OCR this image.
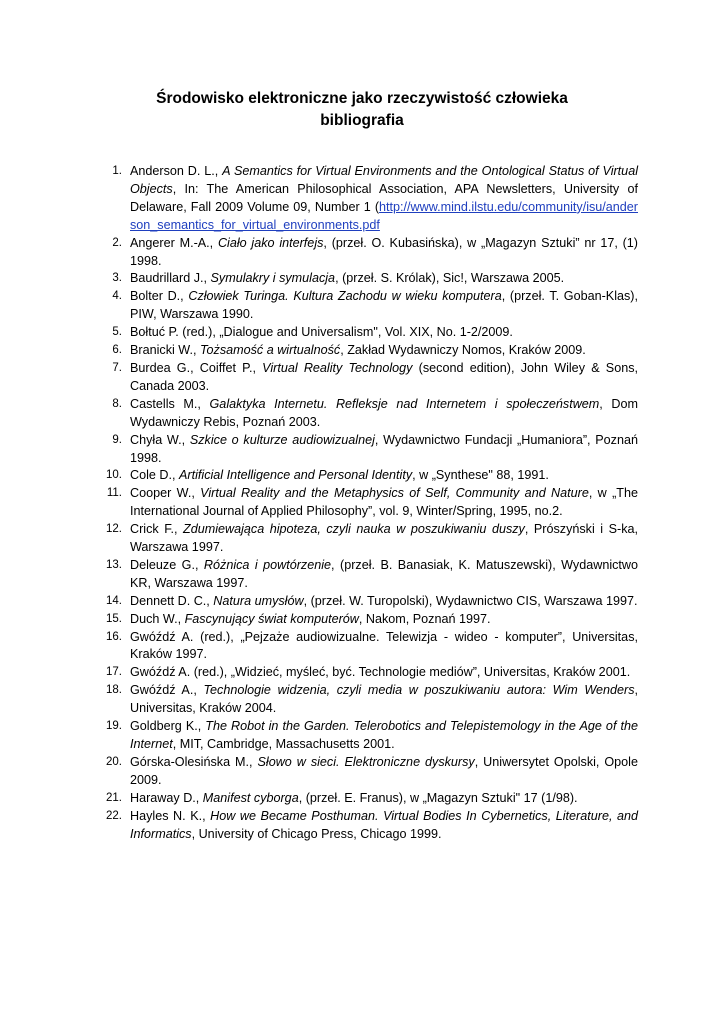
Środowisko elektroniczne jako rzeczywistość człowieka
bibliografia
1. Anderson D. L., A Semantics for Virtual Environments and the Ontological Status of Virtual Objects, In: The American Philosophical Association, APA Newsletters, University of Delaware, Fall 2009 Volume 09, Number 1 (http://www.mind.ilstu.edu/community/isu/anderson_semantics_for_virtual_environments.pdf
2. Angerer M.-A., Ciało jako interfejs, (przeł. O. Kubasińska), w „Magazyn Sztuki” nr 17, (1) 1998.
3. Baudrillard J., Symulakry i symulacja, (przeł. S. Królak), Sic!, Warszawa 2005.
4. Bolter D., Człowiek Turinga. Kultura Zachodu w wieku komputera, (przeł. T. Goban-Klas), PIW, Warszawa 1990.
5. Bołtuć P. (red.), „Dialogue and Universalism", Vol. XIX, No. 1-2/2009.
6. Branicki W., Tożsamość a wirtualność, Zakład Wydawniczy Nomos, Kraków 2009.
7. Burdea G., Coiffet P., Virtual Reality Technology (second edition), John Wiley & Sons, Canada 2003.
8. Castells M., Galaktyka Internetu. Refleksje nad Internetem i społeczeństwem, Dom Wydawniczy Rebis, Poznań 2003.
9. Chyła W., Szkice o kulturze audiowizualnej, Wydawnictwo Fundacji „Humaniora”, Poznań 1998.
10. Cole D., Artificial Intelligence and Personal Identity, w „Synthese" 88, 1991.
11. Cooper W., Virtual Reality and the Metaphysics of Self, Community and Nature, w „The International Journal of Applied Philosophy”, vol. 9, Winter/Spring, 1995, no.2.
12. Crick F., Zdumiewająca hipoteza, czyli nauka w poszukiwaniu duszy, Prószyński i S-ka, Warszawa 1997.
13. Deleuze G., Różnica i powtórzenie, (przeł. B. Banasiak, K. Matuszewski), Wydawnictwo KR, Warszawa 1997.
14. Dennett D. C., Natura umysłów, (przeł. W. Turopolski), Wydawnictwo CIS, Warszawa 1997.
15. Duch W., Fascynujący świat komputerów, Nakom, Poznań 1997.
16. Gwóźdź A. (red.), „Pejzaże audiowizualne. Telewizja - wideo - komputer”, Universitas, Kraków 1997.
17. Gwóźdź A. (red.), „Widzieć, myśleć, być. Technologie mediów”, Universitas, Kraków 2001.
18. Gwóźdź A., Technologie widzenia, czyli media w poszukiwaniu autora: Wim Wenders, Universitas, Kraków 2004.
19. Goldberg K., The Robot in the Garden. Telerobotics and Telepistemology in the Age of the Internet, MIT, Cambridge, Massachusetts 2001.
20. Górska-Olesińska M., Słowo w sieci. Elektroniczne dyskursy, Uniwersytet Opolski, Opole 2009.
21. Haraway D., Manifest cyborga, (przeł. E. Franus), w „Magazyn Sztuki" 17 (1/98).
22. Hayles N. K., How we Became Posthuman. Virtual Bodies In Cybernetics, Literature, and Informatics, University of Chicago Press, Chicago 1999.
